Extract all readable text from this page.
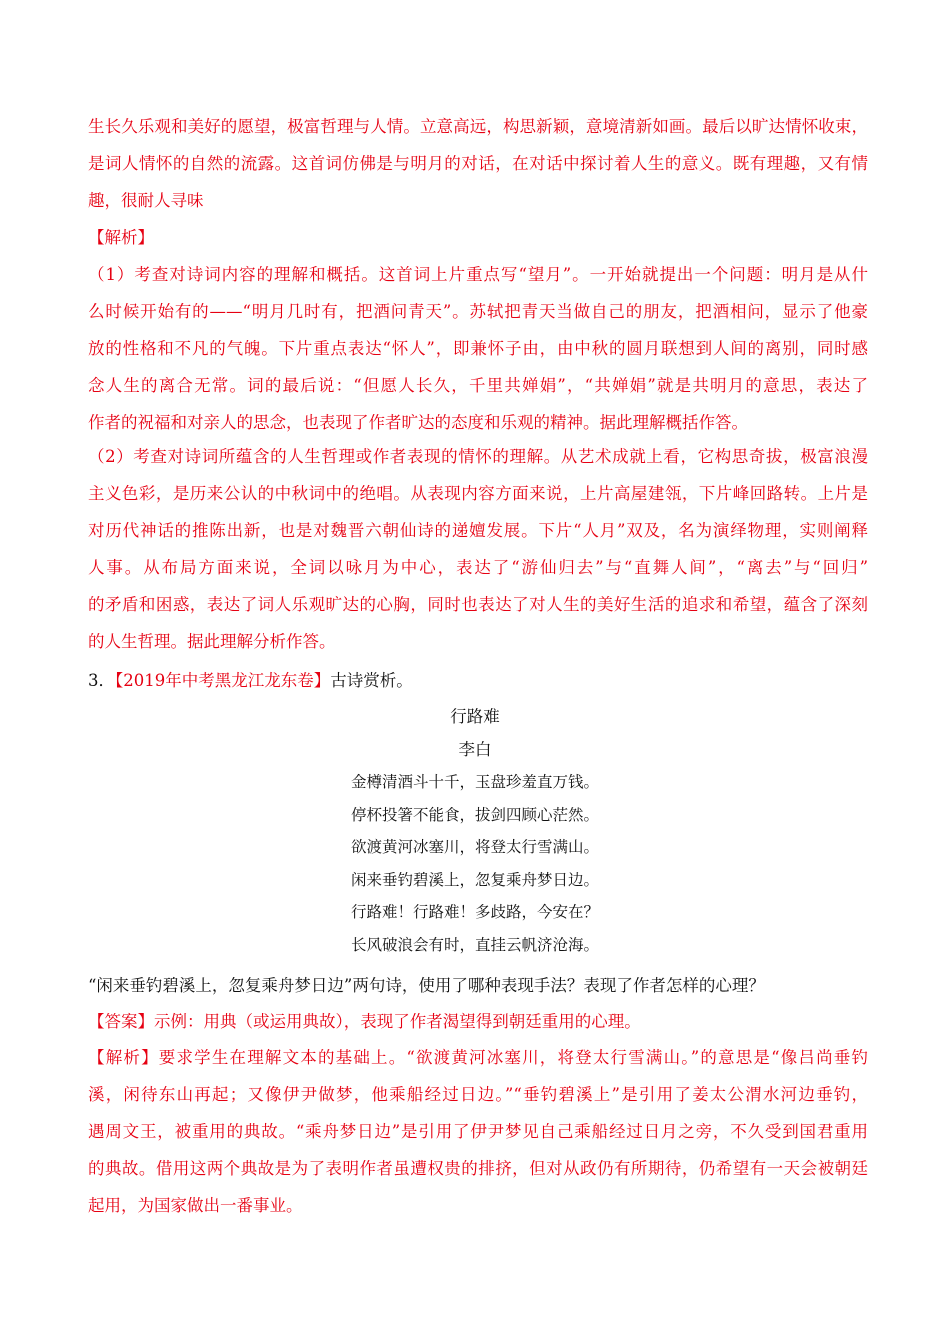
生长久乐观和美好的愿望，极富哲理与人情。立意高远，构思新颖，意境清新如画。最后以旷达情怀收束，
是词人情怀的自然的流露。这首词仿佛是与明月的对话，在对话中探讨着人生的意义。既有理趣，又有情
趣，很耐人寻味
【解析】
（1）考查对诗词内容的理解和概括。这首词上片重点写“望月”。一开始就提出一个问题：明月是从什
么时候开始有的——“明月几时有，把酒问青天”。苏轼把青天当做自己的朋友，把酒相问，显示了他豪
放的性格和不凡的气魄。下片重点表达“怀人”，即兼怀子由，由中秋的圆月联想到人间的离别，同时感
念人生的离合无常。词的最后说：“但愿人长久，千里共婵娟”，“共婵娟”就是共明月的意思，表达了
作者的祝福和对亲人的思念，也表现了作者旷达的态度和乐观的精神。据此理解概括作答。
（2）考查对诗词所蕴含的人生哲理或作者表现的情怀的理解。从艺术成就上看，它构思奇拔，极富浪漫
主义色彩，是历来公认的中秋词中的绝唱。从表现内容方面来说，上片高屋建瓴，下片峰回路转。上片是
对历代神话的推陈出新，也是对魏晋六朝仙诗的递嬗发展。下片“人月”双及，名为演绎物理，实则阐释
人事。从布局方面来说，全词以咏月为中心，表达了“游仙归去”与“直舞人间”，“离去”与“回归”
的矛盾和困惑，表达了词人乐观旷达的心胸，同时也表达了对人生的美好生活的追求和希望，蕴含了深刻
的人生哲理。据此理解分析作答。
3．【2019年中考黑龙江龙东卷】古诗赏析。
行路难
李白
金樽清酒斗十千，玉盘珍羞直万钱。
停杯投箸不能食，拔剑四顾心茫然。
欲渡黄河冰塞川，将登太行雪满山。
闲来垂钓碧溪上，忽复乘舟梦日边。
行路难！行路难！多歧路，今安在？
长风破浪会有时，直挂云帆济沧海。
“闲来垂钓碧溪上，忽复乘舟梦日边”两句诗，使用了哪种表现手法？表现了作者怎样的心理？
【答案】示例：用典（或运用典故），表现了作者渴望得到朝廷重用的心理。
【解析】要求学生在理解文本的基础上。“欲渡黄河冰塞川，将登太行雪满山。”的意思是“像吕尚垂钓
溪，闲待东山再起；又像伊尹做梦，他乘船经过日边。”“垂钓碧溪上”是引用了姜太公渭水河边垂钓，
遇周文王，被重用的典故。“乘舟梦日边”是引用了伊尹梦见自己乘船经过日月之旁，不久受到国君重用
的典故。借用这两个典故是为了表明作者虽遭权贵的排挤，但对从政仍有所期待，仍希望有一天会被朝廷
起用，为国家做出一番事业。
